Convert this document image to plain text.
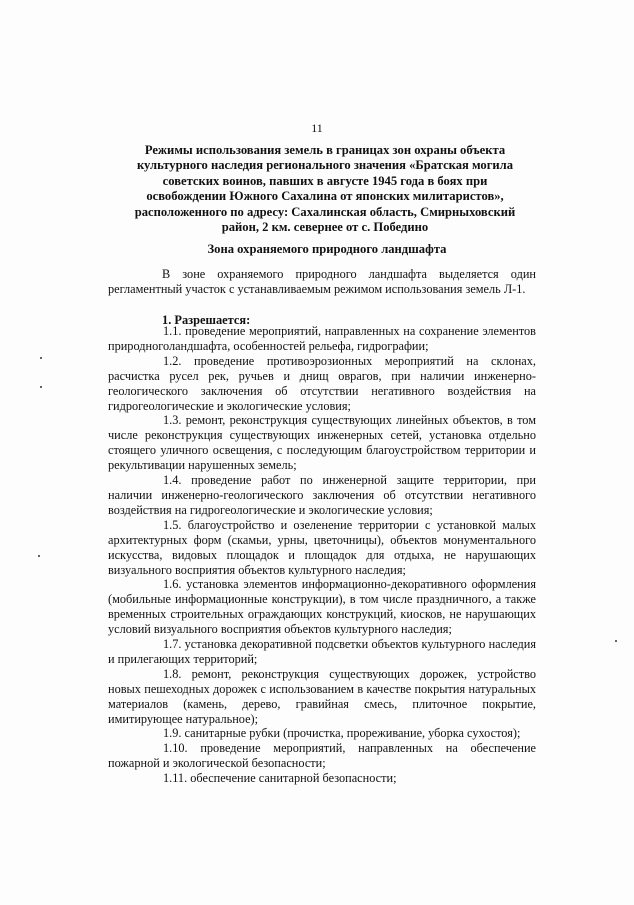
11
Режимы использования земель в границах зон охраны объекта культурного наследия регионального значения «Братская могила советских воинов, павших в августе 1945 года в боях при освобождении Южного Сахалина от японских милитаристов», расположенного по адресу: Сахалинская область, Смирныховский район, 2 км. севернее от с. Победино
Зона охраняемого природного ландшафта

В зоне охраняемого природного ландшафта выделяется один регламентный участок с устанавливаемым режимом использования земель Л-1.

1. Разрешается:

1.1. проведение мероприятий, направленных на сохранение элементов природноголандшафта, особенностей рельефа, гидрографии;

1.2. проведение противоэрозионных мероприятий на склонах, расчистка русел рек, ручьев и днищ оврагов, при наличии инженерно-геологического заключения об отсутствии негативного воздействия на гидрогеологические и экологические условия;

1.3. ремонт, реконструкция существующих линейных объектов, в том числе реконструкция существующих инженерных сетей, установка отдельно стоящего уличного освещения, с последующим благоустройством территории и рекультивации нарушенных земель;

1.4. проведение работ по инженерной защите территории, при наличии инженерно-геологического заключения об отсутствии негативного воздействия на гидрогеологические и экологические условия;

1.5. благоустройство и озеленение территории с установкой малых архитектурных форм (скамьи, урны, цветочницы), объектов монументального искусства, видовых площадок и площадок для отдыха, не нарушающих визуального восприятия объектов культурного наследия;

1.6. установка элементов информационно-декоративного оформления (мобильные информационные конструкции), в том числе праздничного, а также временных строительных ограждающих конструкций, киосков, не нарушающих условий визуального восприятия объектов культурного наследия;

1.7. установка декоративной подсветки объектов культурного наследия и прилегающих территорий;

1.8. ремонт, реконструкция существующих дорожек, устройство новых пешеходных дорожек с использованием в качестве покрытия натуральных материалов (камень, дерево, гравийная смесь, плиточное покрытие, имитирующее натуральное);

1.9. санитарные рубки (прочистка, прореживание, уборка сухостоя);

1.10. проведение мероприятий, направленных на обеспечение пожарной и экологической безопасности;

1.11. обеспечение санитарной безопасности;
